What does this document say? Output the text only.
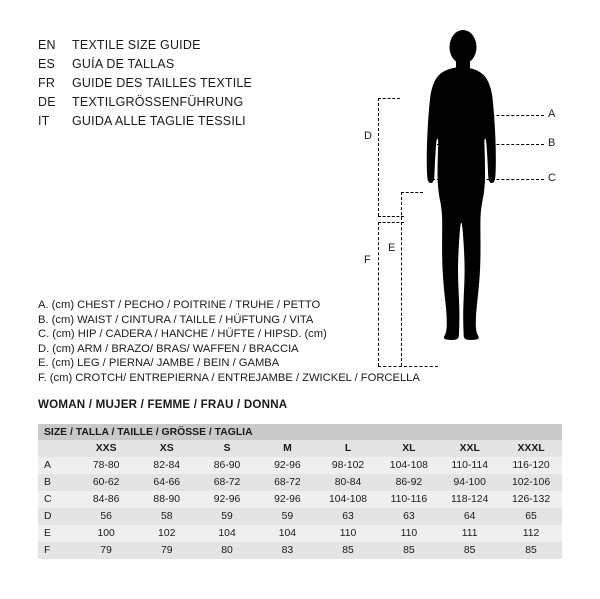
EN	TEXTILE SIZE GUIDE
ES	GUÍA DE TALLAS
FR	GUIDE DES TAILLES TEXTILE
DE	TEXTILGRÖSSENFÜHRUNG
IT	GUIDA ALLE TAGLIE TESSILI
D
F
E
A
B
C
A. (cm) CHEST / PECHO / POITRINE / TRUHE / PETTO
B. (cm) WAIST / CINTURA / TAILLE / HÜFTUNG / VITA
C. (cm) HIP / CADERA / HANCHE / HÜFTE / HIPSD. (cm)
D. (cm) ARM / BRAZO/ BRAS/ WAFFEN / BRACCIA
E. (cm) LEG / PIERNA/ JAMBE / BEIN / GAMBA
F. (cm) CROTCH/ ENTREPIERNA / ENTREJAMBE / ZWICKEL / FORCELLA
WOMAN / MUJER / FEMME / FRAU / DONNA
SIZE / TALLA / TAILLE / GRÖSSE / TAGLIA								
	XXS	XS	S	M	L	XL	XXL	XXXL
A	78-80	82-84	86-90	92-96	98-102	104-108	110-114	116-120
B	60-62	64-66	68-72	68-72	80-84	86-92	94-100	102-106
C	84-86	88-90	92-96	92-96	104-108	110-116	118-124	126-132
D	56	58	59	59	63	63	64	65
E	100	102	104	104	110	110	111	112
F	79	79	80	83	85	85	85	85
